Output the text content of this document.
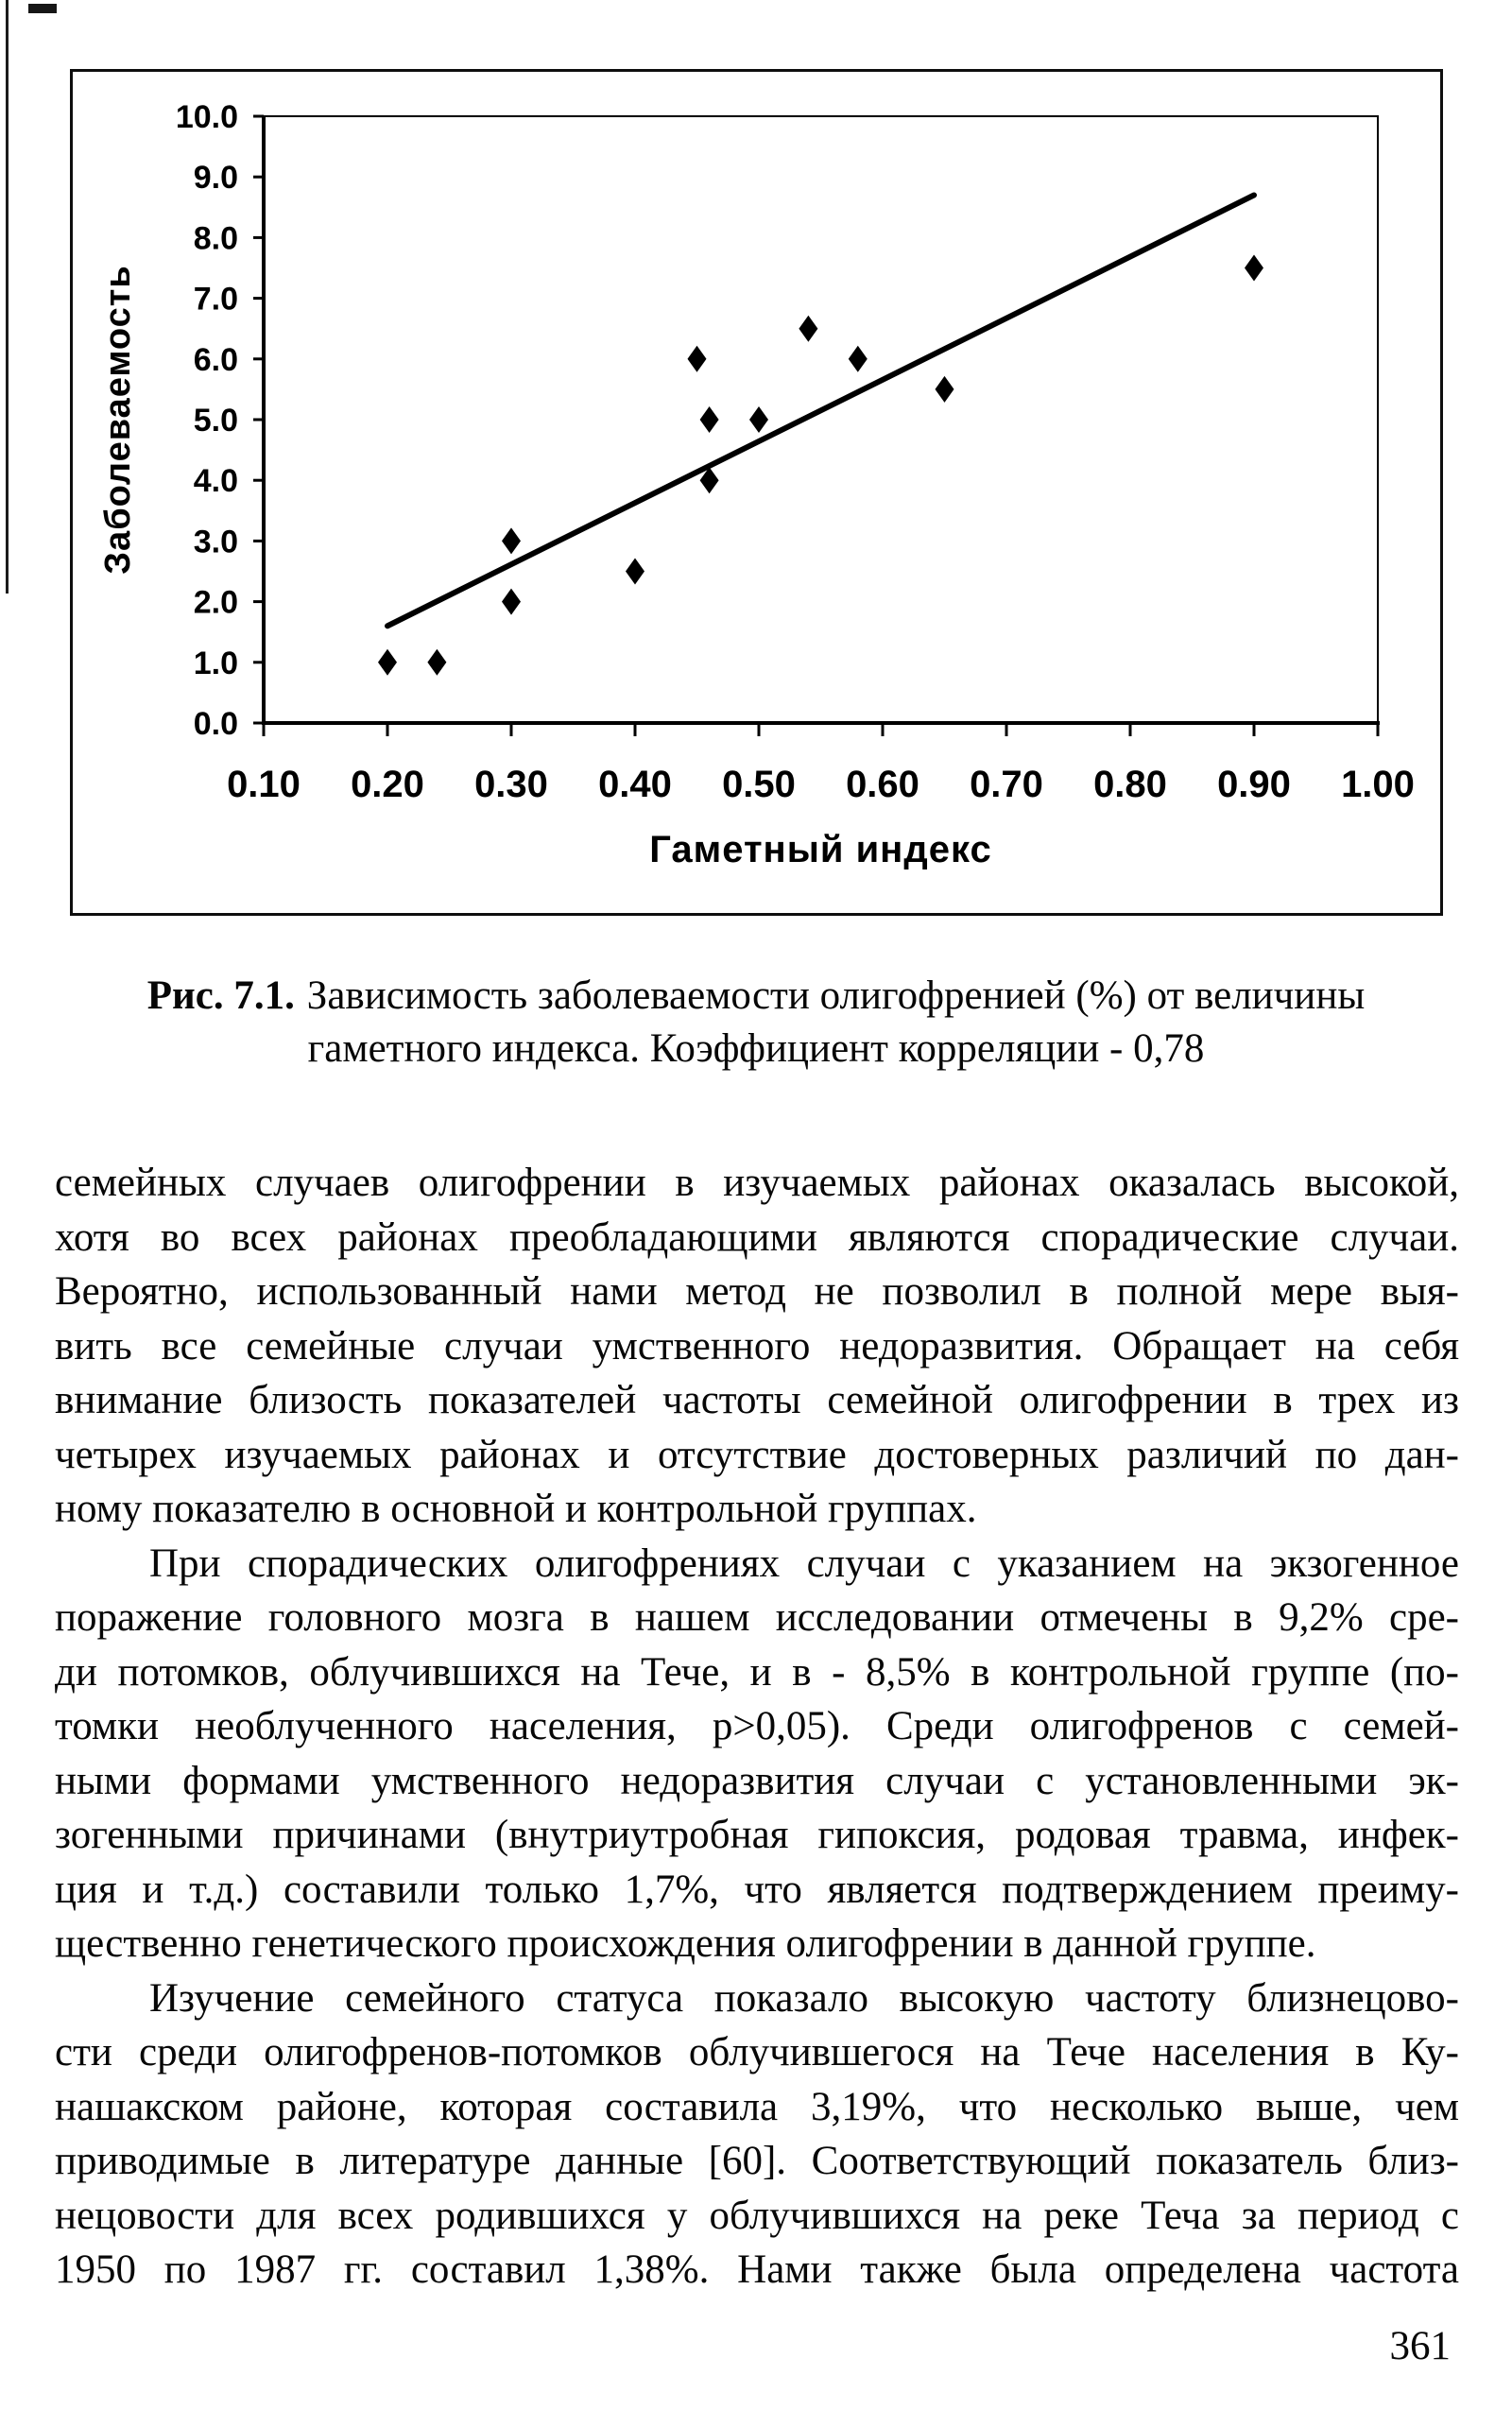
0.0
1.0
2.0
3.0
4.0
5.0
6.0
7.0
8.0
9.0
10.0
0.10 0.20 0.30 0.40 0.50 0.60 0.70 0.80 0.90 1.00
Заболеваемость
Гаметный индекс
Рис. 7.1. Зависимость заболеваемости олигофренией (%) от величины
гаметного индекса. Коэффициент корреляции - 0,78
семейных случаев олигофрении в изучаемых районах оказалась высокой,
хотя во всех районах преобладающими являются спорадические случаи.
Вероятно, использованный нами метод не позволил в полной мере выя-
вить все семейные случаи умственного недоразвития. Обращает на себя
внимание близость показателей частоты семейной олигофрении в трех из
четырех изучаемых районах и отсутствие достоверных различий по дан-
ному показателю в основной и контрольной группах.
При спорадических олигофрениях случаи с указанием на экзогенное
поражение головного мозга в нашем исследовании отмечены в 9,2% сре-
ди потомков, облучившихся на Тече, и в - 8,5% в контрольной группе (по-
томки необлученного населения, p>0,05). Среди олигофренов с семей-
ными формами умственного недоразвития случаи с установленными эк-
зогенными причинами (внутриутробная гипоксия, родовая травма, инфек-
ция и т.д.) составили только 1,7%, что является подтверждением преиму-
щественно генетического происхождения олигофрении в данной группе.
Изучение семейного статуса показало высокую частоту близнецово-
сти среди олигофренов-потомков облучившегося на Тече населения в Ку-
нашакском районе, которая составила 3,19%, что несколько выше, чем
приводимые в литературе данные [60]. Соответствующий показатель близ-
нецовости для всех родившихся у облучившихся на реке Теча за период с
1950 по 1987 гг. составил 1,38%. Нами также была определена частота
361
